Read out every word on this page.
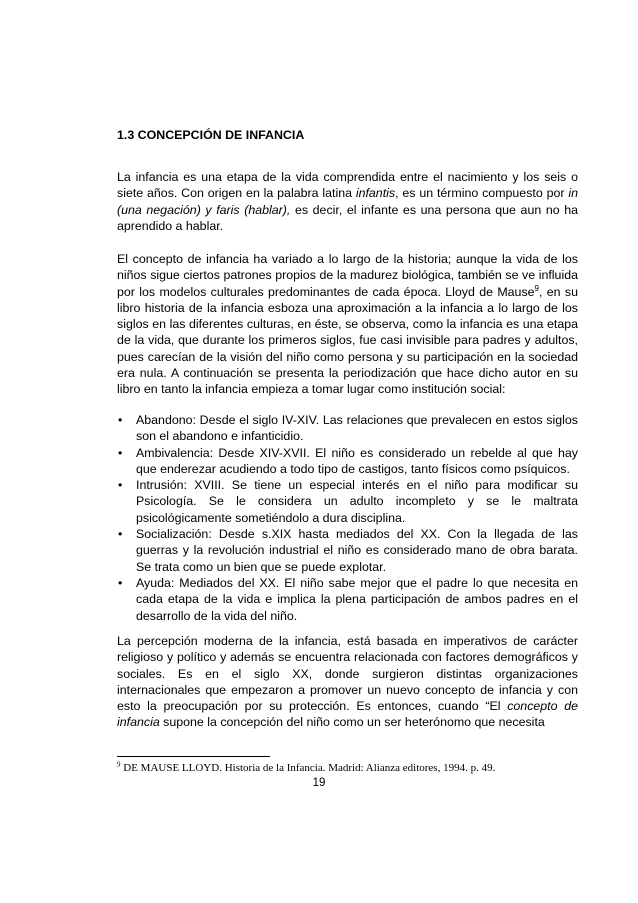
1.3 CONCEPCIÓN DE INFANCIA

La infancia es una etapa de la vida comprendida entre el nacimiento y los seis o siete años. Con origen en la palabra latina infantis, es un término compuesto por in (una negación) y faris (hablar), es decir, el infante es una persona que aun no ha aprendido a hablar.

El concepto de infancia ha variado a lo largo de la historia; aunque la vida de los niños sigue ciertos patrones propios de la madurez biológica, también se ve influida por los modelos culturales predominantes de cada época. Lloyd de Mause$^9$, en su libro historia de la infancia esboza una aproximación a la infancia a lo largo de los siglos en las diferentes culturas, en éste, se observa, como la infancia es una etapa de la vida, que durante los primeros siglos, fue casi invisible para padres y adultos, pues carecían de la visión del niño como persona y su participación en la sociedad era nula. A continuación se presenta la periodización que hace dicho autor en su libro en tanto la infancia empieza a tomar lugar como institución social:

• Abandono: Desde el siglo IV-XIV. Las relaciones que prevalecen en estos siglos son el abandono e infanticidio.
• Ambivalencia: Desde XIV-XVII. El niño es considerado un rebelde al que hay que enderezar acudiendo a todo tipo de castigos, tanto físicos como psíquicos.
• Intrusión: XVIII. Se tiene un especial interés en el niño para modificar su Psicología. Se le considera un adulto incompleto y se le maltrata psicológicamente sometiéndolo a dura disciplina.
• Socialización: Desde s.XIX hasta mediados del XX. Con la llegada de las guerras y la revolución industrial el niño es considerado mano de obra barata. Se trata como un bien que se puede explotar.
• Ayuda: Mediados del XX. El niño sabe mejor que el padre lo que necesita en cada etapa de la vida e implica la plena participación de ambos padres en el desarrollo de la vida del niño.

La percepción moderna de la infancia, está basada en imperativos de carácter religioso y político y además se encuentra relacionada con factores demográficos y sociales. Es en el siglo XX, donde surgieron distintas organizaciones internacionales que empezaron a promover un nuevo concepto de infancia y con esto la preocupación por su protección. Es entonces, cuando “El concepto de infancia supone la concepción del niño como un ser heterónomo que necesita

$^9$ DE MAUSE LLOYD. Historia de la Infancia. Madrid: Alianza editores, 1994. p. 49.
19
